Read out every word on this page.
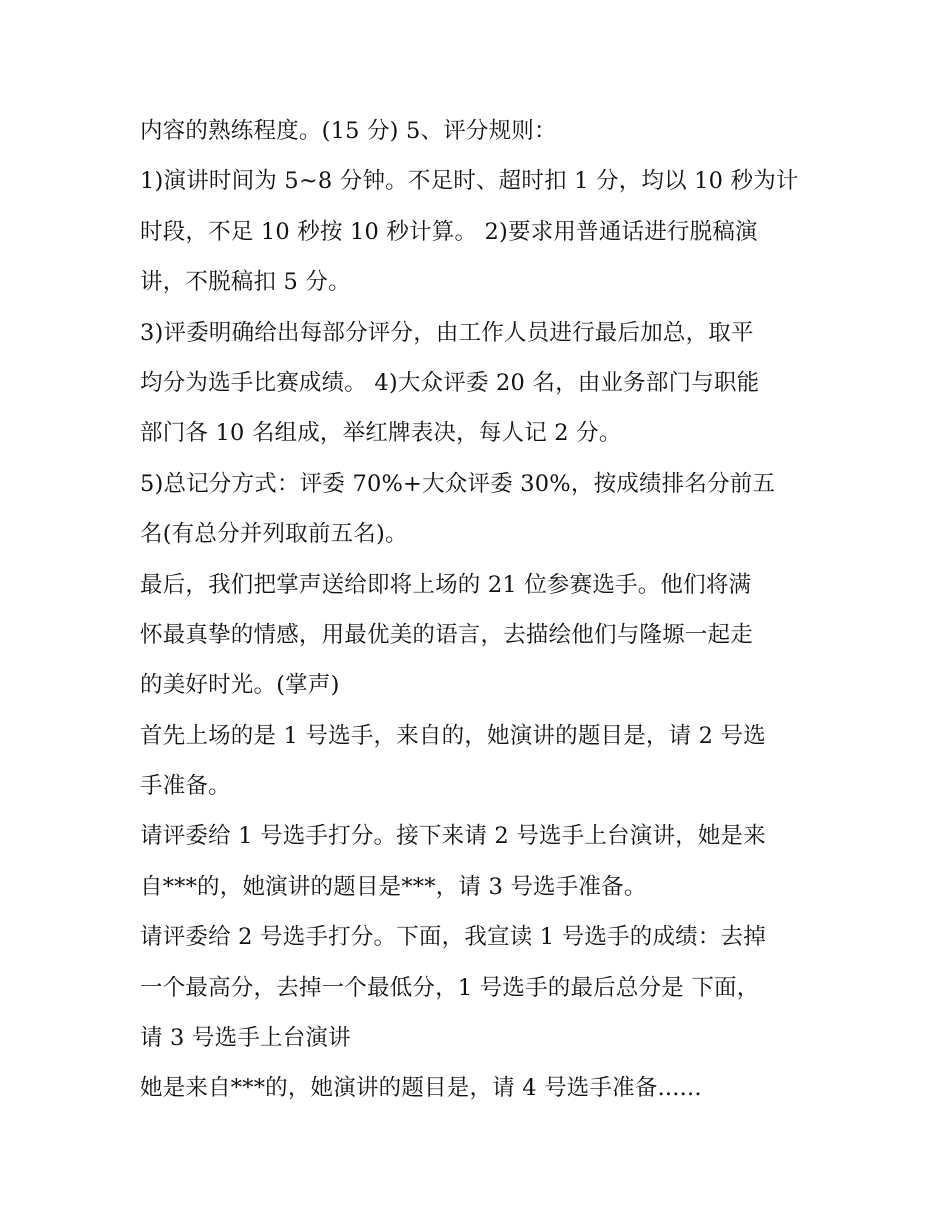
内容的熟练程度。(15 分) 5、评分规则：
1)演讲时间为 5~8 分钟。不足时、超时扣 1 分，均以 10 秒为计
时段，不足 10 秒按 10 秒计算。 2)要求用普通话进行脱稿演
讲，不脱稿扣 5 分。
3)评委明确给出每部分评分，由工作人员进行最后加总，取平
均分为选手比赛成绩。 4)大众评委 20 名，由业务部门与职能
部门各 10 名组成，举红牌表决，每人记 2 分。
5)总记分方式：评委 70%+大众评委 30%，按成绩排名分前五
名(有总分并列取前五名)。
最后，我们把掌声送给即将上场的 21 位参赛选手。他们将满
怀最真挚的情感，用最优美的语言，去描绘他们与隆塬一起走
的美好时光。(掌声)
首先上场的是 1 号选手，来自的，她演讲的题目是，请 2 号选
手准备。
请评委给 1 号选手打分。接下来请 2 号选手上台演讲，她是来
自***的，她演讲的题目是***，请 3 号选手准备。
请评委给 2 号选手打分。下面，我宣读 1 号选手的成绩：去掉
一个最高分，去掉一个最低分，1 号选手的最后总分是 下面，
请 3 号选手上台演讲
她是来自***的，她演讲的题目是，请 4 号选手准备......
